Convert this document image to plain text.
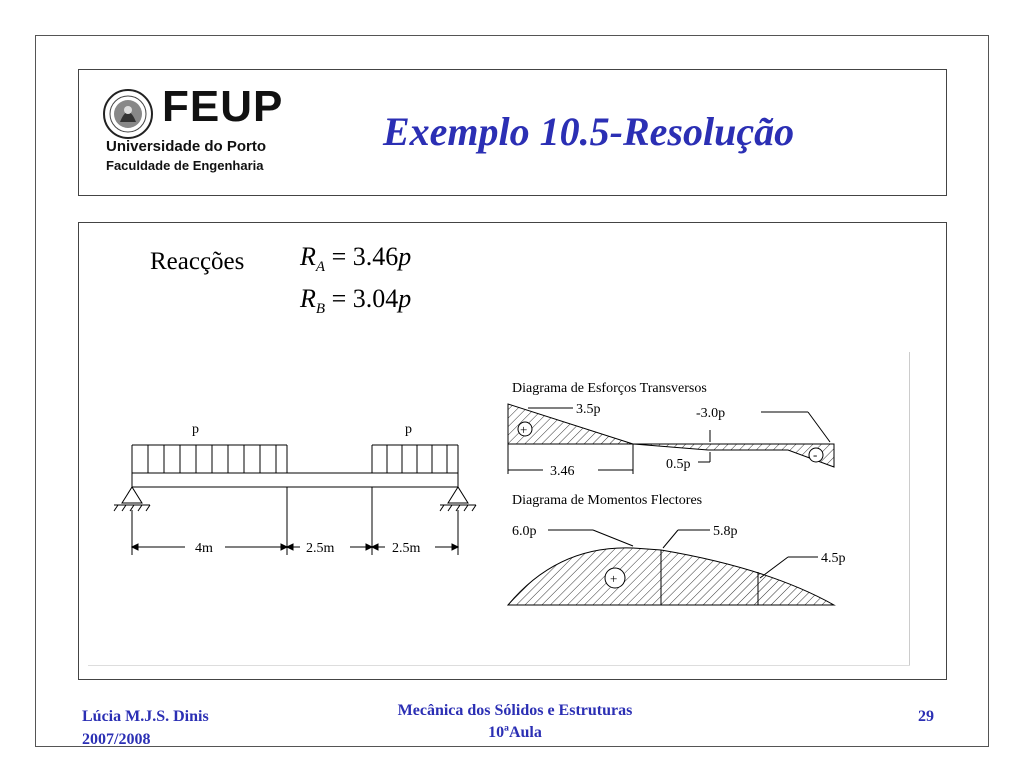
FEUP
Universidade do Porto
Faculdade de Engenharia
Exemplo 10.5-Resolução
Reacções $R_A = 3.46p$
$R_B = 3.04p$
p	p
4m	2.5m	2.5m
Diagrama de Esforços Transversos
+
-
3.5p	-3.0p
0.5p
3.46
Diagrama de Momentos Flectores
+
6.0p	5.8p
4.5p
Lúcia M.J.S. Dinis
2007/2008
Mecânica dos Sólidos e Estruturas
10ªAula
29
